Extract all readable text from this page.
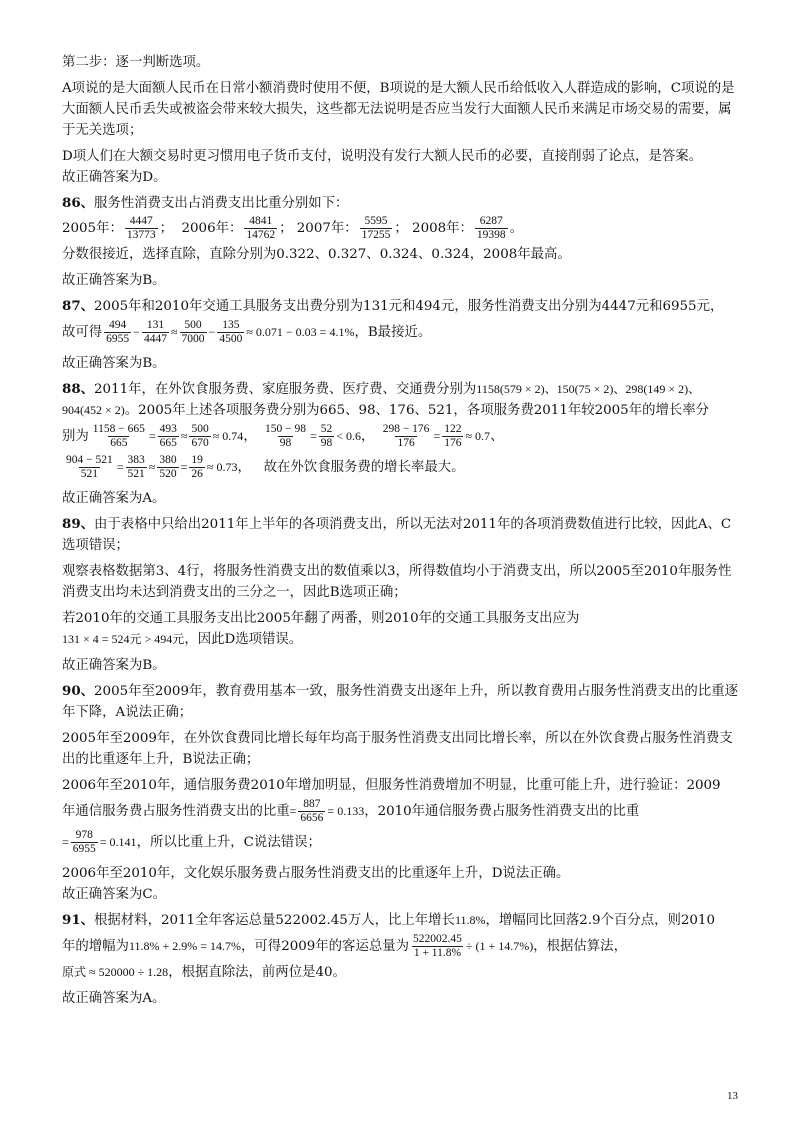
第二步：逐一判断选项。

A项说的是大面额人民币在日常小额消费时使用不便，B项说的是大额人民币给低收入人群造成的影响，C项说的是大面额人民币丢失或被盗会带来较大损失，这些都无法说明是否应当发行大面额人民币来满足市场交易的需要，属于无关选项；

D项人们在大额交易时更习惯用电子货币支付，说明没有发行大额人民币的必要，直接削弱了论点，是答案。

故正确答案为D。

86、服务性消费支出占消费支出比重分别如下：

2005年： $\frac{4447}{13773}$ ； 2006年： $\frac{4841}{14762}$ ； 2007年： $\frac{5595}{17255}$ ； 2008年： $\frac{6287}{19398}$ 。

分数很接近，选择直除，直除分别为0.322、0.327、0.324、0.324，2008年最高。

故正确答案为B。

87、2005年和2010年交通工具服务支出费分别为131元和494元，服务性消费支出分别为4447元和6955元，

故可得 $\frac{494}{6955} - \frac{131}{4447} \approx \frac{500}{7000} - \frac{135}{4500} \approx 0.071 - 0.03 = 4.1\%$，B最接近。

故正确答案为B。

88、2011年，在外饮食服务费、家庭服务费、医疗费、交通费分别为1158(579 × 2)、150(75 × 2)、298(149 × 2)、

904(452 × 2)。2005年上述各项服务费分别为665、98、176、521，各项服务费2011年较2005年的增长率分

别为 $\frac{1158 - 665}{665} = \frac{493}{665} \approx \frac{500}{670} \approx 0.74$， $\frac{150 - 98}{98} = \frac{52}{98} < 0.6$， $\frac{298 - 176}{176} = \frac{122}{176} \approx 0.7$、

$\frac{904 - 521}{521} = \frac{383}{521} \approx \frac{380}{520} = \frac{19}{26} \approx 0.73$，   故在外饮食服务费的增长率最大。

故正确答案为A。

89、由于表格中只给出2011年上半年的各项消费支出，所以无法对2011年的各项消费数值进行比较，因此A、C选项错误；

观察表格数据第3、4行，将服务性消费支出的数值乘以3，所得数值均小于消费支出，所以2005至2010年服务性消费支出均未达到消费支出的三分之一，因此B选项正确；

若2010年的交通工具服务支出比2005年翻了两番，则2010年的交通工具服务支出应为

131 × 4 = 524元 > 494元，因此D选项错误。

故正确答案为B。

90、2005年至2009年，教育费用基本一致，服务性消费支出逐年上升，所以教育费用占服务性消费支出的比重逐年下降，A说法正确；

2005年至2009年，在外饮食费同比增长每年均高于服务性消费支出同比增长率，所以在外饮食费占服务性消费支出的比重逐年上升，B说法正确；

2006年至2010年，通信服务费2010年增加明显，但服务性消费增加不明显，比重可能上升，进行验证：2009

年通信服务费占服务性消费支出的比重= $\frac{887}{6656} = 0.133$，2010年通信服务费占服务性消费支出的比重

= $\frac{978}{6955} = 0.141$，所以比重上升，C说法错误；

2006年至2010年，文化娱乐服务费占服务性消费支出的比重逐年上升，D说法正确。

故正确答案为C。

91、根据材料，2011全年客运总量522002.45万人，比上年增长11.8%，增幅同比回落2.9个百分点，则2010

年的增幅为11.8% + 2.9% = 14.7%，可得2009年的客运总量为 $\frac{522002.45}{1 + 11.8\%} \div (1 + 14.7\%)$，根据估算法，

原式 ≈ 520000 ÷ 1.28，根据直除法，前两位是40。

故正确答案为A。

13
